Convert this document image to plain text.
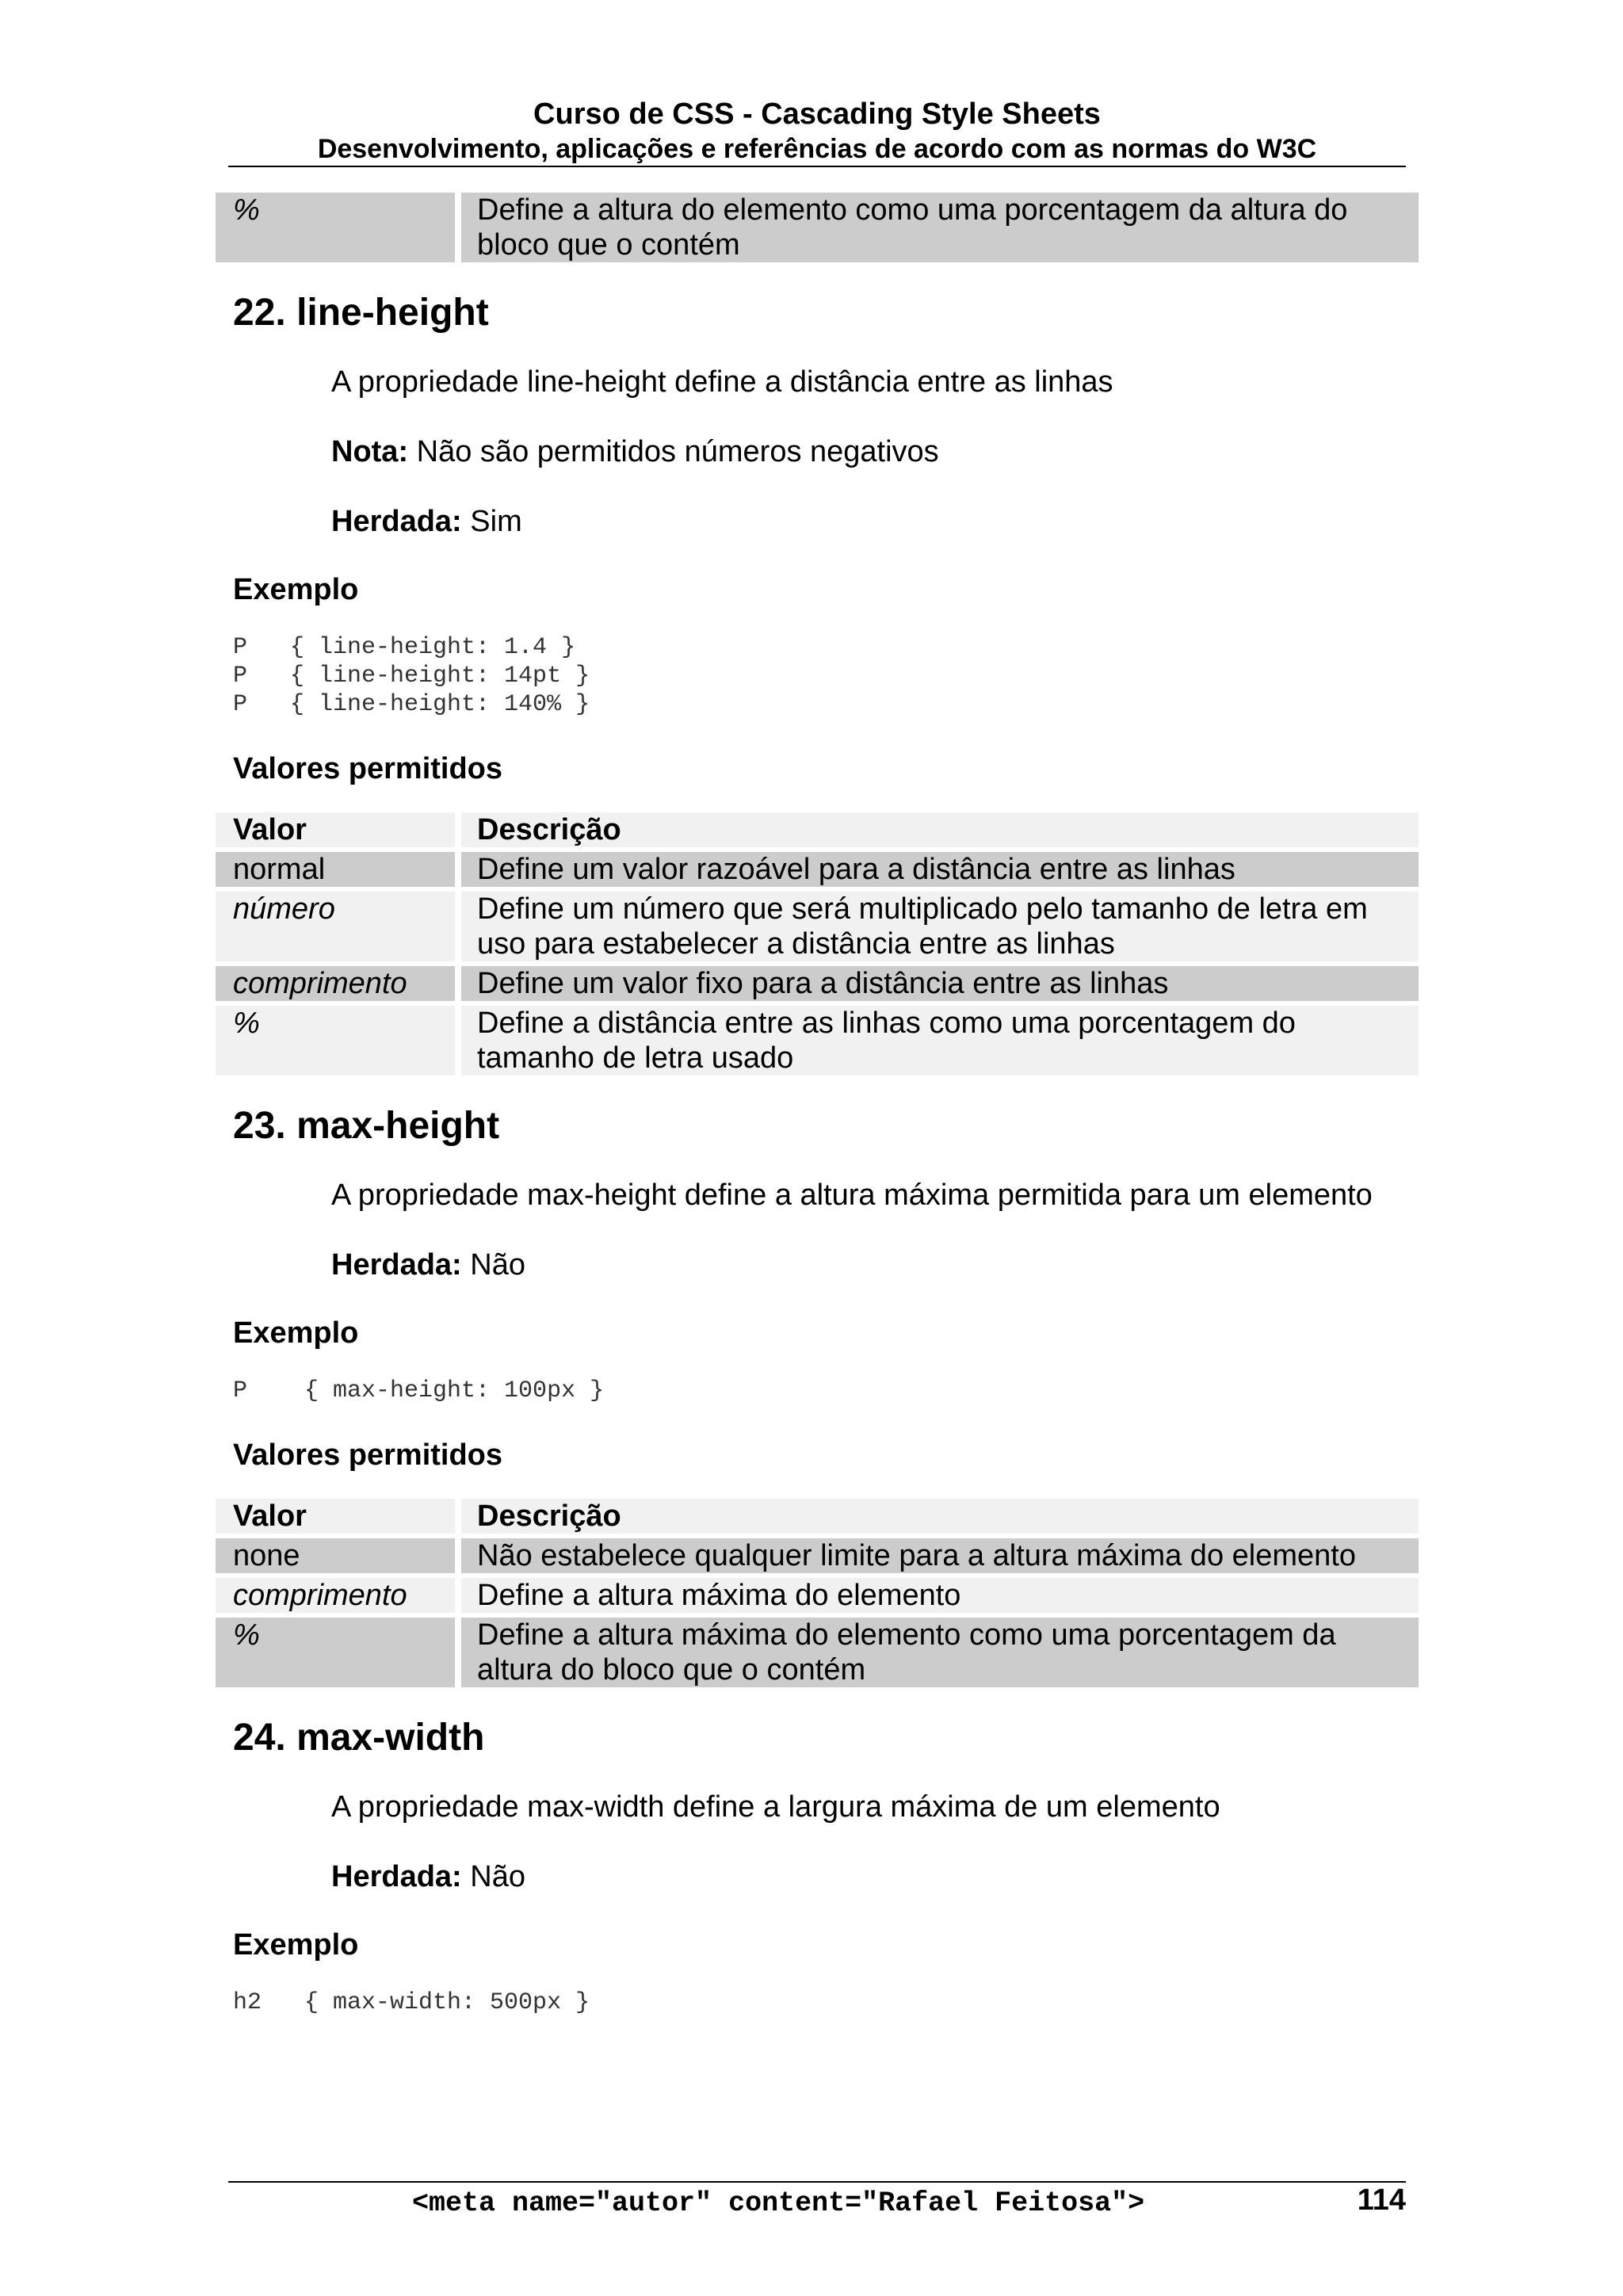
Curso de CSS - Cascading Style Sheets
Desenvolvimento, aplicações e referências de acordo com as normas do W3C
%	Define a altura do elemento como uma porcentagem da altura do bloco que o contém
22. line-height

A propriedade line-height define a distância entre as linhas

Nota: Não são permitidos números negativos

Herdada: Sim

Exemplo
P   { line-height: 1.4 }
P   { line-height: 14pt }
P   { line-height: 140% }
Valores permitidos
Valor	Descrição
normal	Define um valor razoável para a distância entre as linhas
número	Define um número que será multiplicado pelo tamanho de letra em uso para estabelecer a distância entre as linhas
comprimento	Define um valor fixo para a distância entre as linhas
%	Define a distância entre as linhas como uma porcentagem do tamanho de letra usado
23. max-height

A propriedade max-height define a altura máxima permitida para um elemento

Herdada: Não

Exemplo
P    { max-height: 100px }
Valores permitidos
Valor	Descrição
none	Não estabelece qualquer limite para a altura máxima do elemento
comprimento	Define a altura máxima do elemento
%	Define a altura máxima do elemento como uma porcentagem da altura do bloco que o contém
24. max-width

A propriedade max-width define a largura máxima de um elemento

Herdada: Não

Exemplo
h2   { max-width: 500px }
<meta name="autor" content="Rafael Feitosa">	114
